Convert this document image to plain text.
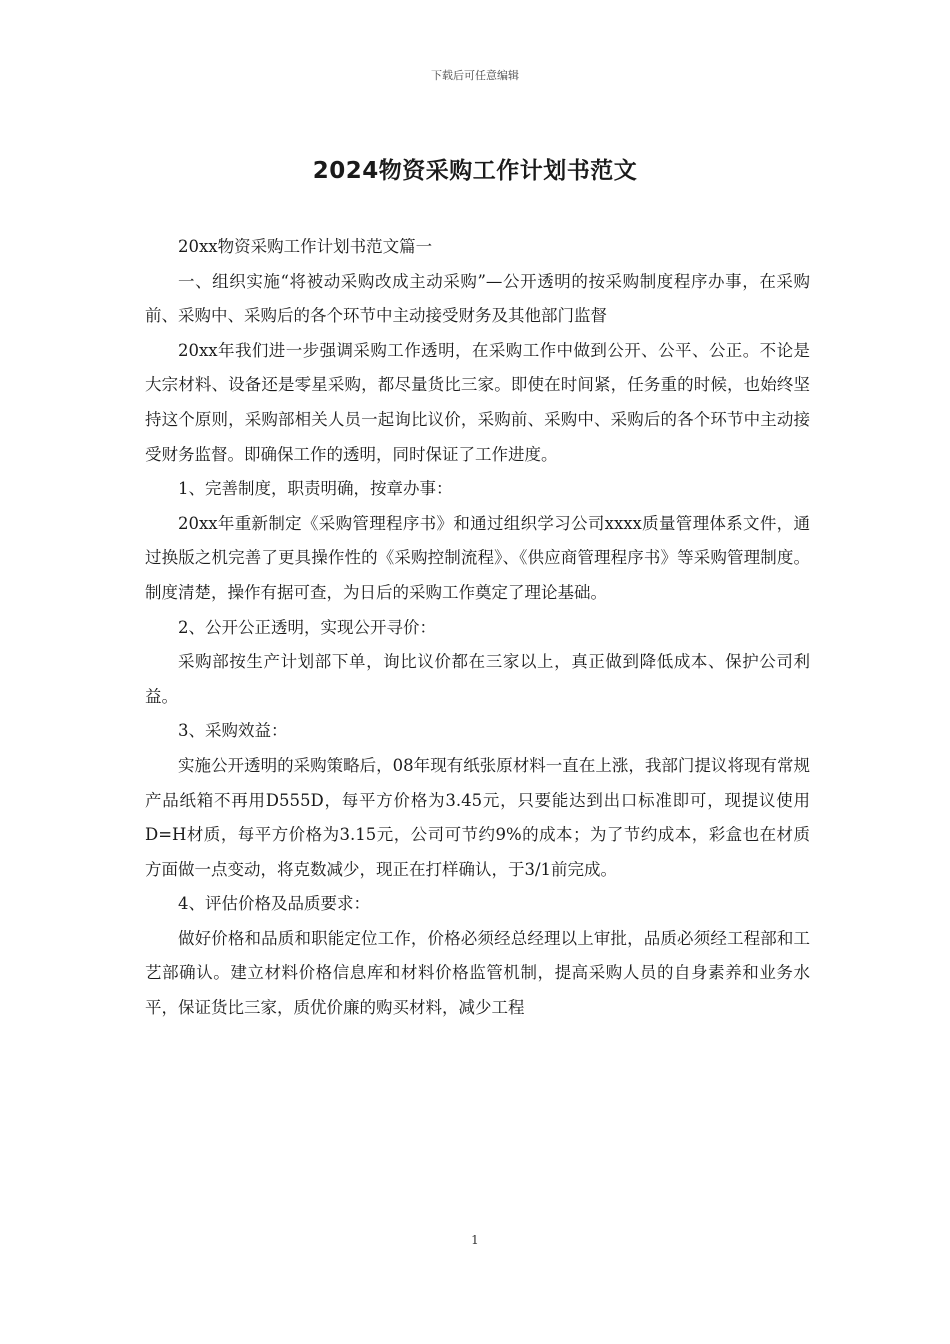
下载后可任意编辑
2024物资采购工作计划书范文

20xx物资采购工作计划书范文篇一

一、组织实施“将被动采购改成主动采购”—公开透明的按采购制度程序办事，在采购前、采购中、采购后的各个环节中主动接受财务及其他部门监督

20xx年我们进一步强调采购工作透明，在采购工作中做到公开、公平、公正。不论是大宗材料、设备还是零星采购，都尽量货比三家。即使在时间紧，任务重的时候，也始终坚持这个原则，采购部相关人员一起询比议价，采购前、采购中、采购后的各个环节中主动接受财务监督。即确保工作的透明，同时保证了工作进度。

1、完善制度，职责明确，按章办事：

20xx年重新制定《采购管理程序书》和通过组织学习公司xxxx质量管理体系文件，通过换版之机完善了更具操作性的《采购控制流程》、《供应商管理程序书》等采购管理制度。制度清楚，操作有据可查，为日后的采购工作奠定了理论基础。

2、公开公正透明，实现公开寻价：

采购部按生产计划部下单，询比议价都在三家以上，真正做到降低成本、保护公司利益。

3、采购效益：

实施公开透明的采购策略后，08年现有纸张原材料一直在上涨，我部门提议将现有常规产品纸箱不再用D555D，每平方价格为3.45元，只要能达到出口标准即可，现提议使用D=H材质，每平方价格为3.15元，公司可节约9%的成本；为了节约成本，彩盒也在材质方面做一点变动，将克数减少，现正在打样确认，于3/1前完成。

4、评估价格及品质要求：

做好价格和品质和职能定位工作，价格必须经总经理以上审批，品质必须经工程部和工艺部确认。建立材料价格信息库和材料价格监管机制，提高采购人员的自身素养和业务水平，保证货比三家，质优价廉的购买材料，减少工程

1
